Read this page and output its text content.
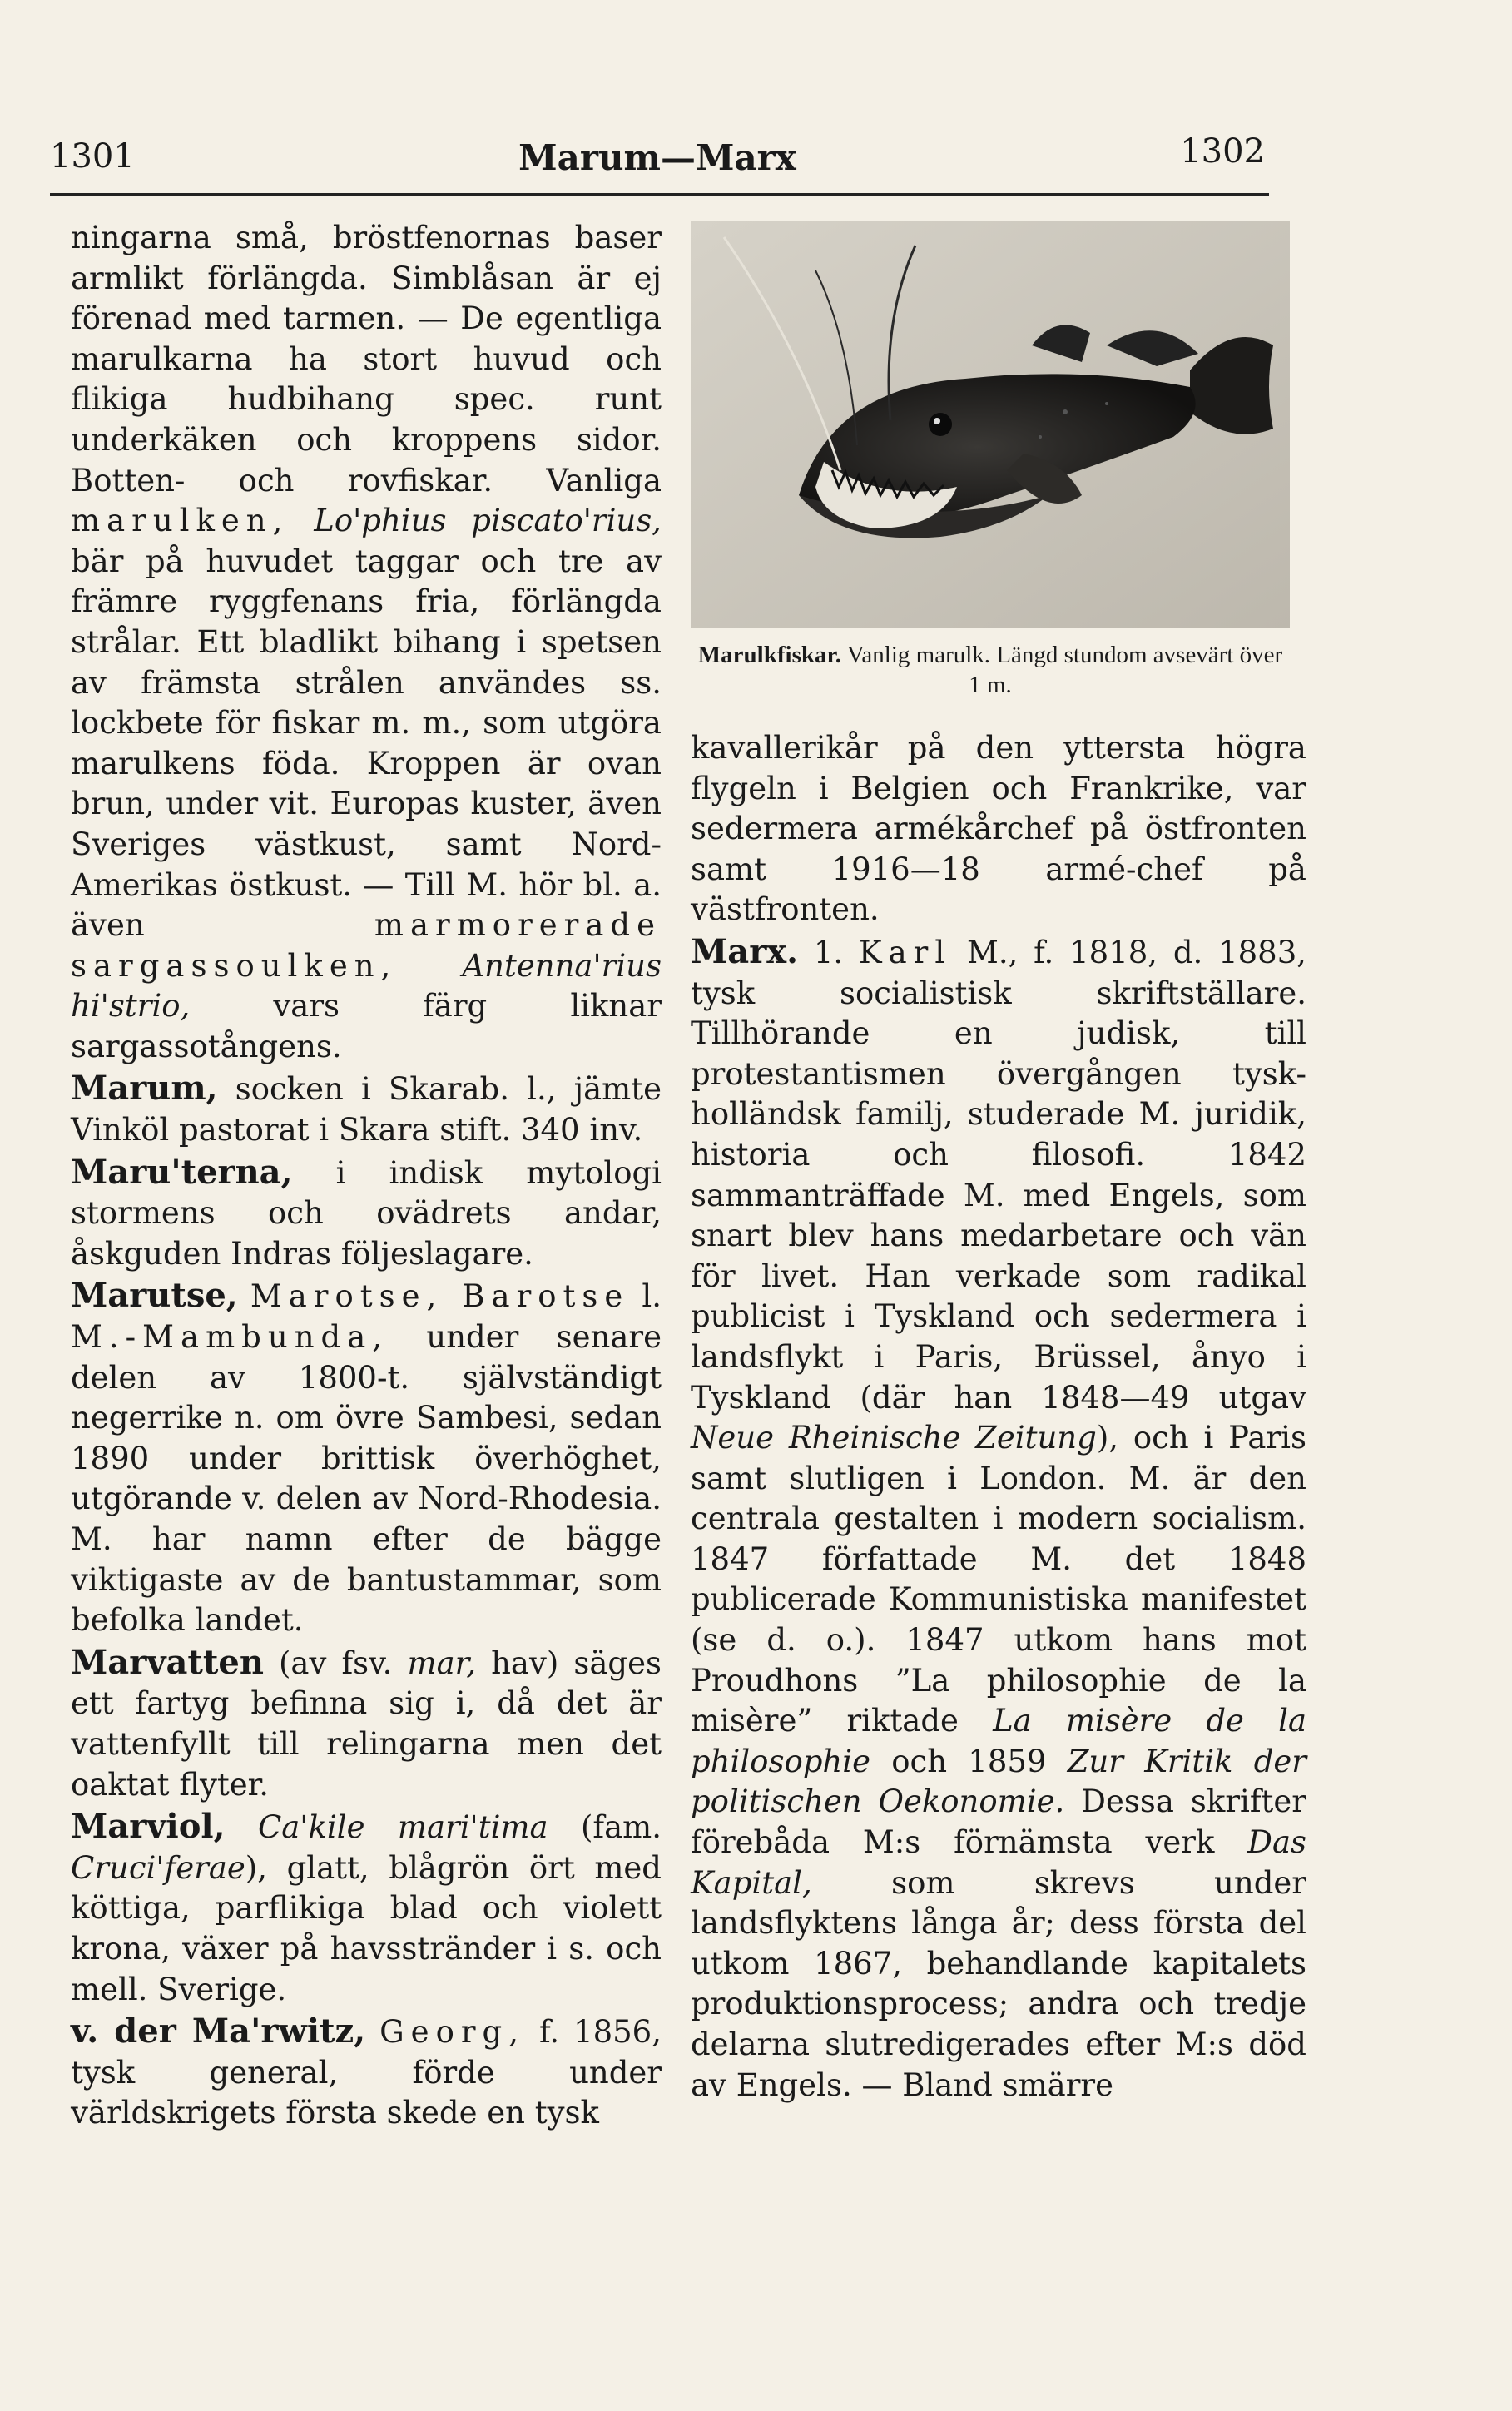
1301	Marum—Marx	1302

ningarna små, bröstfenornas baser armlikt förlängda. Simblåsan är ej förenad med tarmen. — De egentliga marulkarna ha stort huvud och flikiga hudbihang spec. runt underkäken och kroppens sidor. Botten- och rovfiskar. Vanliga marulken, Lo'phius piscato'rius, bär på huvudet taggar och tre av främre ryggfenans fria, förlängda strålar. Ett bladlikt bihang i spetsen av främsta strålen användes ss. lockbete för fiskar m. m., som utgöra marulkens föda. Kroppen är ovan brun, under vit. Europas kuster, även Sveriges västkust, samt Nord-Amerikas östkust. — Till M. hör bl. a. även marmorerade sargassoulken, Antenna'rius hi'strio, vars färg liknar sargassotångens.

Marum, socken i Skarab. l., jämte Vinköl pastorat i Skara stift. 340 inv.

Maru'terna, i indisk mytologi stormens och ovädrets andar, åskguden Indras följeslagare.

Marutse, Marotse, Barotse l. M.-Mambunda, under senare delen av 1800-t. självständigt negerrike n. om övre Sambesi, sedan 1890 under brittisk överhöghet, utgörande v. delen av Nord-Rhodesia. M. har namn efter de bägge viktigaste av de bantustammar, som befolka landet.

Marvatten (av fsv. mar, hav) säges ett fartyg befinna sig i, då det är vattenfyllt till relingarna men det oaktat flyter.

Marviol, Ca'kile mari'tima (fam. Cruci'ferae), glatt, blågrön ört med köttiga, parflikiga blad och violett krona, växer på havsstränder i s. och mell. Sverige.

v. der Ma'rwitz, Georg, f. 1856, tysk general, förde under världskrigets första skede en tysk

Marulkfiskar. Vanlig marulk. Längd stundom avsevärt över 1 m.

kavallerikår på den yttersta högra flygeln i Belgien och Frankrike, var sedermera armékårchef på östfronten samt 1916—18 armé-chef på västfronten.

Marx. 1. Karl M., f. 1818, d. 1883, tysk socialistisk skriftställare. Tillhörande en judisk, till protestantismen övergången tysk-holländsk familj, studerade M. juridik, historia och filosofi. 1842 sammanträffade M. med Engels, som snart blev hans medarbetare och vän för livet. Han verkade som radikal publicist i Tyskland och sedermera i landsflykt i Paris, Brüssel, ånyo i Tyskland (där han 1848—49 utgav Neue Rheinische Zeitung), och i Paris samt slutligen i London. M. är den centrala gestalten i modern socialism. 1847 författade M. det 1848 publicerade Kommunistiska manifestet (se d. o.). 1847 utkom hans mot Proudhons ”La philosophie de la misère” riktade La misère de la philosophie och 1859 Zur Kritik der politischen Oekonomie. Dessa skrifter förebåda M:s förnämsta verk Das Kapital, som skrevs under landsflyktens långa år; dess första del utkom 1867, behandlande kapitalets produktionsprocess; andra och tredje delarna slutredigerades efter M:s död av Engels. — Bland smärre
